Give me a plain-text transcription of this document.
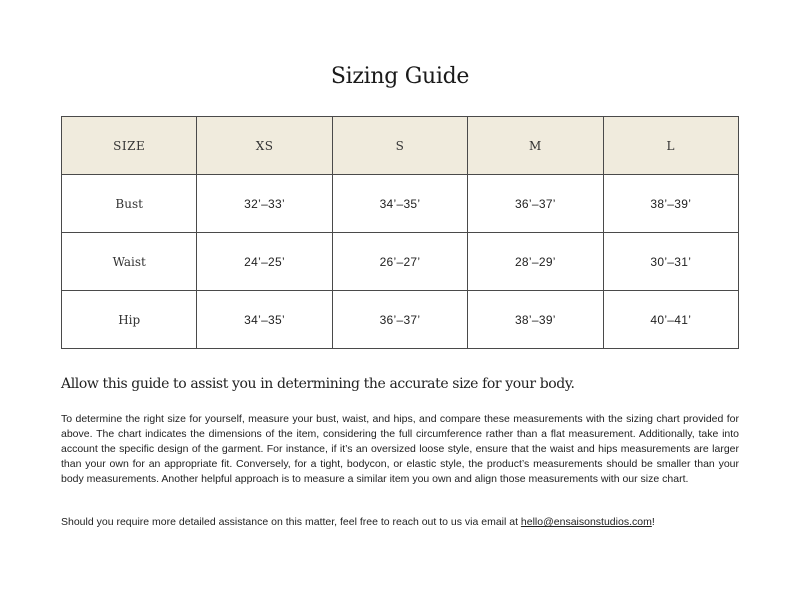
Sizing Guide
SIZE	XS	S	M	L
Bust	32’–33’	34’–35’	36’–37’	38’–39’
Waist	24’–25’	26’–27’	28’–29’	30’–31’
Hip	34’–35’	36’–37’	38’–39’	40’–41’
Allow this guide to assist you in determining the accurate size for your body.

To determine the right size for yourself, measure your bust, waist, and hips, and compare these measurements with the sizing chart provided for above. The chart indicates the dimensions of the item, considering the full circumference rather than a flat measurement. Additionally, take into account the specific design of the garment. For instance, if it’s an oversized loose style, ensure that the waist and hips measurements are larger than your own for an appropriate fit. Conversely, for a tight, bodycon, or elastic style, the product’s measurements should be smaller than your body measurements. Another helpful approach is to measure a similar item you own and align those measurements with our size chart.

Should you require more detailed assistance on this matter, feel free to reach out to us via email at hello@ensaisonstudios.com!
